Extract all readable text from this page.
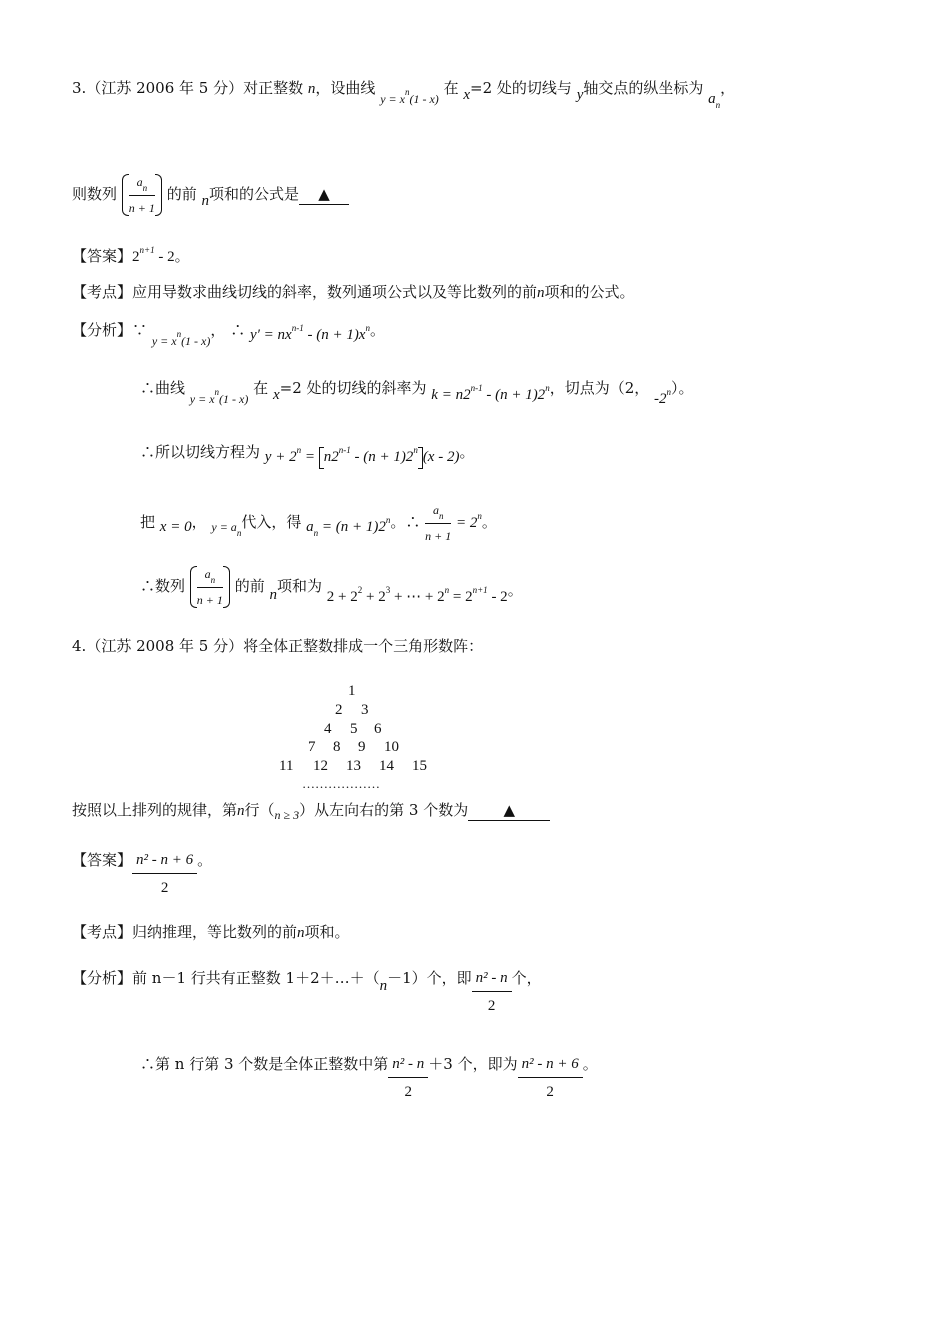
3.（江苏 2006 年 5 分）对正整数 n，设曲线 $_{y = x^n(1 - x)}$ 在 x=2 处的切线与 y轴交点的纵坐标为 $a_n$，
则数列 $\frac{a_n}{n + 1}$ 的前 n项和的公式是 ▲
【答案】$2^{n+1} - 2$。
【考点】应用导数求曲线切线的斜率，数列通项公式以及等比数列的前n项和的公式。
【分析】∵ $_{y = x^n(1 - x)}$， ∴ $y' = nx^{n-1} - (n + 1)x^n$。
∴曲线 $_{y = x^n(1 - x)}$ 在 x=2 处的切线的斜率为 $k = n2^{n-1} - (n + 1)2^n$，切点为（2， -2$^n$）。
∴所以切线方程为 $y + 2^n = n2^{n-1} - (n + 1)2^n$ (x - 2)。
把 x = 0， $_{y = a_n}$代入，得 $a_n = (n + 1)2^n$。∴ $\frac{a_n}{n + 1} = 2^n$。
∴数列 $\frac{a_n}{n + 1}$ 的前 n项和为 $2 + 2^2 + 2^3$ + ⋯ + $2^n = 2^{n+1} - 2$。
4.（江苏 2008 年 5 分）将全体正整数排成一个三角形数阵：
1
2 3
4 5 6
7 8 9 10
11 12 13 14 15
………………
按照以上排列的规律，第n行$(_{n \ge 3})$从左向右的第 3 个数为 ▲
【答案】 $\frac{\text{n² - n + 6}}{2}$ 。
【考点】归纳推理，等比数列的前n项和。
【分析】前 n－1 行共有正整数 1＋2＋…＋（n－1）个，即 $\frac{\text{n² - n}}{2}$ 个，
∴第 n 行第 3 个数是全体正整数中第 $\frac{\text{n² - n}}{2} +3$ 个，即为 $\frac{\text{n² - n + 6}}{2}$ 。
